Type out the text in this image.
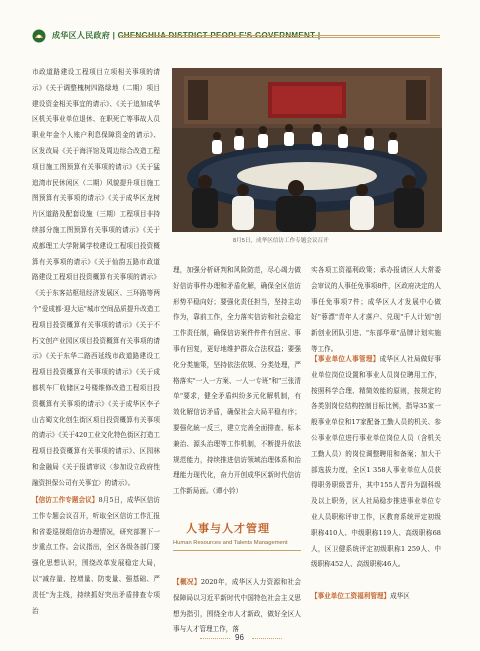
成华区人民政府 | CHENGHUA DISTRICT PEOPLE'S GOVERNMENT |
市政道路建设工程项目立项相关事项的请示》《关于调整槐树四路绿地（二期）项目建设资金相关事宜的请示》、《关于追加成华区机关事业单位退休、在职死亡等事故人员职业年金个人账户利息保障资金的请示》、区发改局《关于海洋馆及周边综合改造工程项目施工图预算有关事项的请示》《关于猛追湾市民休闲区（二期）风貌提升项目施工图预算有关事项的请示》《关于成华区龙树片区道路及配套设施（三期）工程项目非持续部分施工图预算有关事项的请示》《关于成都理工大学附属学校建设工程项目投资概算有关事项的请示》《关于仙韵五路市政道路建设工程项目投资概算有关事项的请示》《关于东客站枢纽经济发展区、三环路等两个"爱成都·迎大运"城市空间品质提升改造工程项目投资概算有关事项的请示》《关于不朽文创产业园区项目投资概算有关事项的请示》《关于东华二路西延线市政道路建设工程项目投资概算有关事项的请示》《关于成都机车厂收储区2号楼维修改造工程项目投资概算有关事项的请示》《关于成华区李子山古蜀文化创生街区项目投资概算有关事项的请示》《关于420工业文化特色街区打造工程项目投资概算有关事项的请示》、区园林和金融局《关于报请审议〈参加设立政府性融资担保公司有关事宜〉的请示》。
【信访工作专题会议】8月5日，成华区信访工作专题会议召开，听取全区信访工作汇报和省委巡视组信访办理情况，研究部署下一步重点工作。会议指出，全区各级各部门要强化思想认识，围绕改革发展稳定大局，以"减存量、控增量、防变量、强基础、严责任"为主线，持续抓好突出矛盾排查专项治
8月5日，成华区信访工作专题会议召开
理，加强分析研判和风险防范，尽心竭力做好信访事件办理和矛盾化解，确保全区信访形势平稳向好；要强化责任担当，坚持主动作为，靠前工作，全力落实信访和社会稳定工作责任制，确保信访案件件件有回应、事事有回复，更好地维护群众合法权益；要强化分类施策，坚持依法依规、分类处理，严格落实"一人一方案、一人一专班"和"三张清单"要求，健全矛盾纠纷多元化解机制，有效化解信访矛盾，确保社会大局平稳有序；要强化統一反三，建立完善全面排查、标本兼治、源头治理等工作机制，不断提升依法规范能力，持续推进信访领域治理体系和治理能力现代化，奋力开创成华区新时代信访工作新局面。（谭小钤）
人事与人才管理
Human Resources and Talents Management
【概况】2020年，成华区人力资源和社会保障局以习近平新时代中国特色社会主义思想为指引，围绕全市人才新政，做好全区人事与人才管理工作，落
实各项工资福利政策；承办报请区人大常委会审议的人事任免事项8件，区政府决定的人事任免事项7件；成华区人才发展中心做好"蓉漂"青年人才落户、兑现"千人计划"创新创业团队引进、"东部华章"品牌计划实施等工作。
【事业单位人事管理】成华区人社局做好事业单位岗位设置和事业人员岗位聘用工作，按照科学合理、精简效能的原则，按规定的各类别岗位结构控制目标比例，指导35家一般事业单位和17家配备工勤人员的机关、参公事业单位进行事业单位岗位人员（含机关工勤人员）的岗位调整聘用和备案；加大干部选拔力度，全区1 358人事业单位人员获得职务职级晋升，其中155人晋升为副科级及以上职务，区人社局稳步推进事业单位专业人员职称评审工作，区教育系统评定初级职称410人、中级职称119人、高级职称68人，区卫健系统评定初级职称1 259人、中级职称452人、高级职称46人。
【事业单位工资福利管理】成华区
96
